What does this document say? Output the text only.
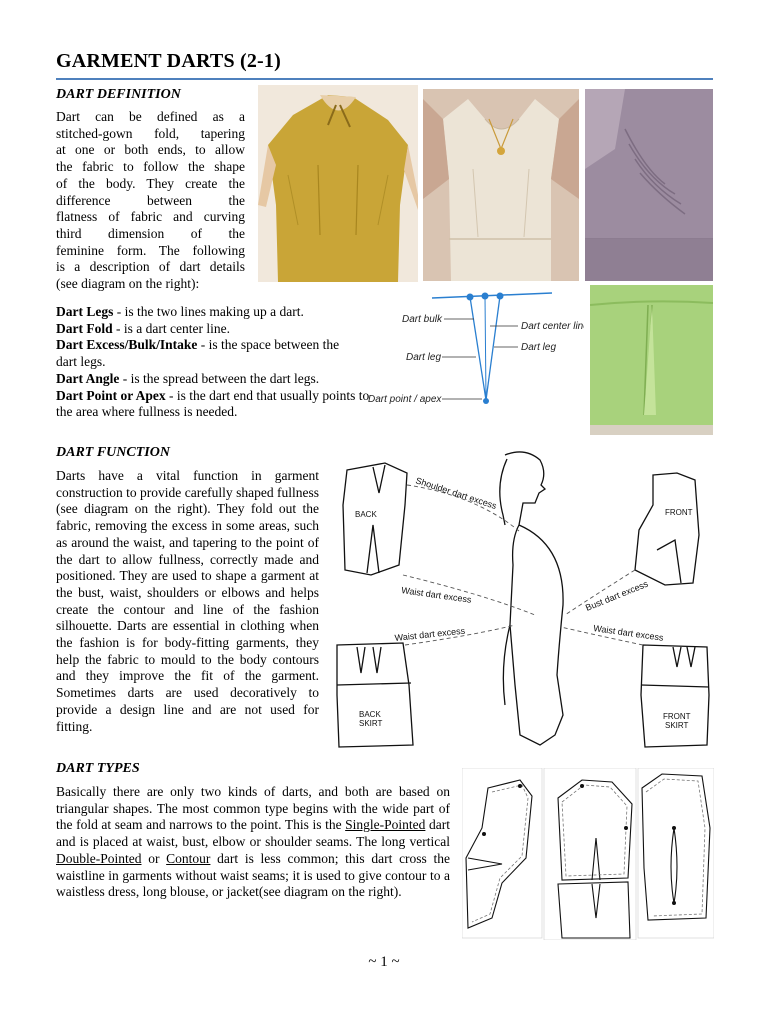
GARMENT DARTS (2-1)
DART DEFINITION
Dart can be defined as a
stitched-gown fold, tapering
at one or both ends, to allow
the fabric to follow the shape
of the body. They create the
difference between the
flatness of fabric and curving
third dimension of the
feminine form. The following
is a description of dart details
(see diagram on the right):
Dart Legs - is the two lines making up a dart.
Dart Fold - is a dart center line.
Dart Excess/Bulk/Intake - is the space between the dart legs.
Dart Angle - is the spread between the dart legs.
Dart Point or Apex - is the dart end that usually points to the area where fullness is needed.
Dart bulk
Dart center line
Dart leg
Dart leg
Dart point / apex
DART FUNCTION
Darts have a vital function in garment construction to provide carefully shaped fullness (see diagram on the right). They fold out the fabric, removing the excess in some areas, such as around the waist, and tapering to the point of the dart to allow fullness, correctly made and positioned. They are used to shape a garment at the bust, waist, shoulders or elbows and helps create the contour and line of the fashion silhouette. Darts are essential in clothing when the fashion is for body-fitting garments, they help the fabric to mould to the body contours and they improve the fit of the garment. Sometimes darts are used decoratively to provide a design line and are not used for fitting.
BACK	FRONT
Shoulder dart excess
Waist dart excess	Bust dart excess
Waist dart excess	Waist dart excess
BACK
SKIRT
FRONT
SKIRT
DART TYPES
Basically there are only two kinds of darts, and both are based on triangular shapes. The most common type begins with the wide part of the fold at seam and narrows to the point. This is the Single-Pointed dart and is placed at waist, bust, elbow or shoulder seams. The long vertical Double-Pointed or Contour dart is less common; this dart cross the waistline in garments without waist seams; it is used to give contour to a waistless dress, long blouse, or jacket(see diagram on the right).
~ 1 ~
